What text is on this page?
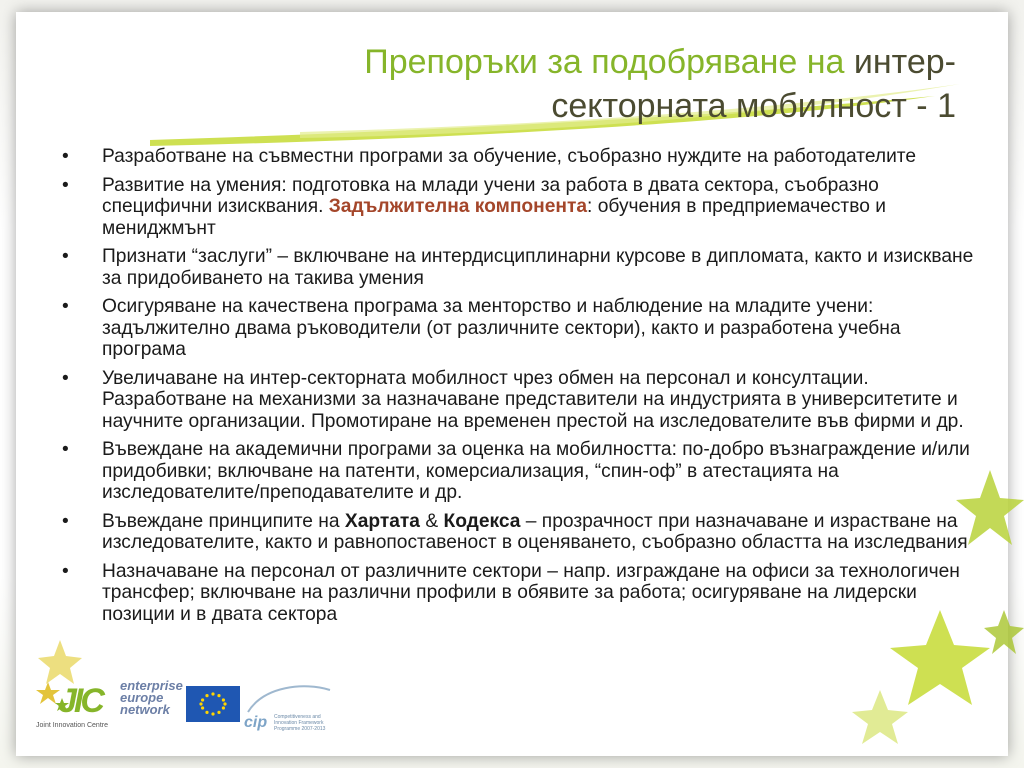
Препоръки за подобряване на интер-секторната мобилност - 1
• Разработване на съвместни програми за обучение, съобразно нуждите на работодателите
• Развитие на умения: подготовка на млади учени за работа в двата сектора, съобразно специфични изисквания. Задължителна компонента: обучения в предприемачество и мениджмънт
• Признати “заслуги” – включване на интердисциплинарни курсове в дипломата, както и изискване за придобиването на такива умения
• Осигуряване на качествена програма за менторство и наблюдение на младите учени: задължително двама ръководители (от различните сектори), както и разработена учебна програма
• Увеличаване на интер-секторната мобилност чрез обмен на персонал и консултации. Разработване на механизми за назначаване представители на индустрията в университетите и научните организации. Промотиране на временен престой на изследователите във фирми и др.
• Въвеждане на академични програми за оценка на мобилността: по-добро възнаграждение и/или придобивки; включване на патенти, комерсиализация, “спин-оф” в атестацията на изследователите/преподавателите и др.
• Въвеждане принципите на Хартата & Кодекса – прозрачност при назначаване и израстване на изследователите, както и равнопоставеност в оценяването, съобразно областта на изследвания
• Назначаване на персонал от различните сектори – напр. изграждане на офиси за технологичен трансфер; включване на различни профили в обявите за работа; осигуряване на лидерски позиции и в двата сектора
JIC
Joint Innovation Centre
enterprise
europe
network
cip Competitiveness and Innovation Framework Programme 2007-2013
